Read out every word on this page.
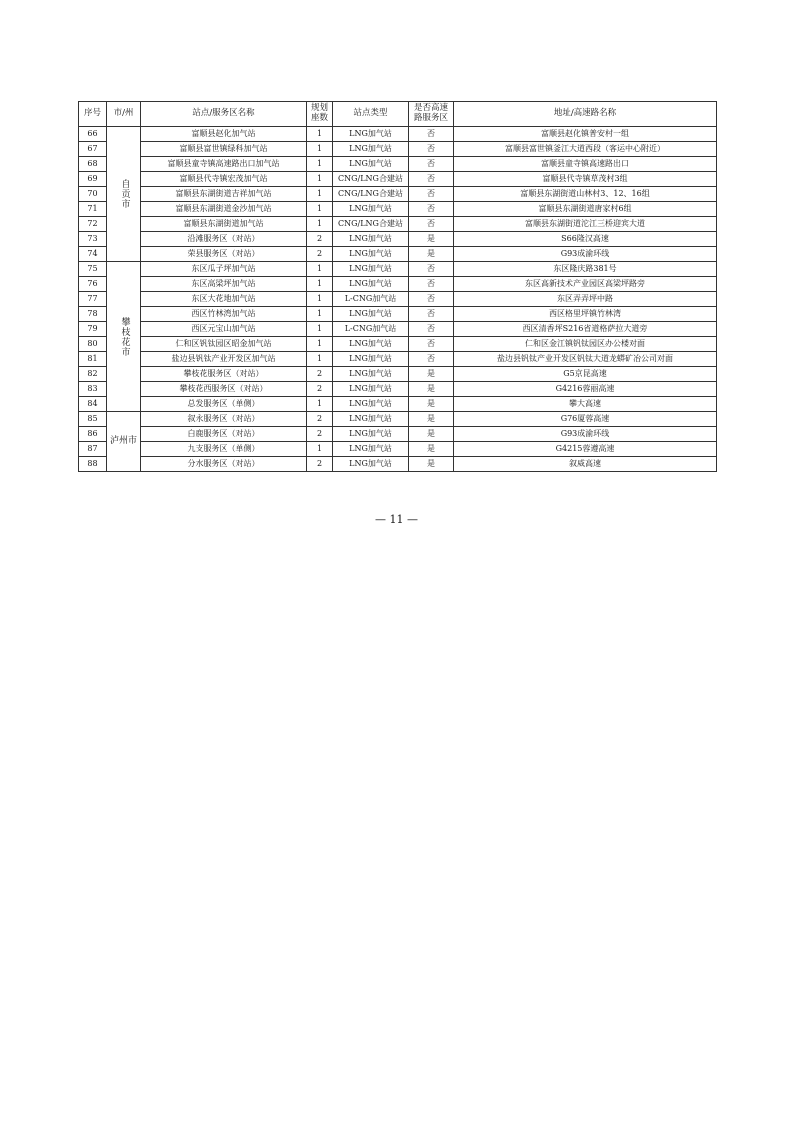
序号	市/州	站点/服务区名称	规划座数	站点类型	是否高速路服务区	地址/高速路名称
66	自贡市	富顺县赵化加气站	1	LNG加气站	否	富顺县赵化镇普安村一组
67		富顺县富世镇绿科加气站	1	LNG加气站	否	富顺县富世镇釜江大道西段（客运中心附近）
68		富顺县童寺镇高速路出口加气站	1	LNG加气站	否	富顺县童寺镇高速路出口
69		富顺县代寺镇宏茂加气站	1	CNG/LNG合建站	否	富顺县代寺镇草茂村3组
70		富顺县东湖街道吉祥加气站	1	CNG/LNG合建站	否	富顺县东湖街道山林村3、12、16组
71		富顺县东湖街道金沙加气站	1	LNG加气站	否	富顺县东湖街道唐家村6组
72		富顺县东湖街道加气站	1	CNG/LNG合建站	否	富顺县东湖街道沱江三桥迎宾大道
73		沿滩服务区（对站）	2	LNG加气站	是	S66隆汉高速
74		荣县服务区（对站）	2	LNG加气站	是	G93成渝环线
75	攀枝花市	东区瓜子坪加气站	1	LNG加气站	否	东区隆庆路381号
76		东区高梁坪加气站	1	LNG加气站	否	东区高新技术产业园区高梁坪路旁
77		东区大花地加气站	1	L-CNG加气站	否	东区弄弄坪中路
78		西区竹林湾加气站	1	LNG加气站	否	西区格里坪镇竹林湾
79		西区元宝山加气站	1	L-CNG加气站	否	西区清香坪S216省道格萨拉大道旁
80		仁和区钒钛园区昭金加气站	1	LNG加气站	否	仁和区金江镇钒钛园区办公楼对面
81		盐边县钒钛产业开发区加气站	1	LNG加气站	否	盐边县钒钛产业开发区钒钛大道龙蟒矿冶公司对面
82		攀枝花服务区（对站）	2	LNG加气站	是	G5京昆高速
83		攀枝花西服务区（对站）	2	LNG加气站	是	G4216蓉丽高速
84		总发服务区（单侧）	1	LNG加气站	是	攀大高速
85	泸州市	叙永服务区（对站）	2	LNG加气站	是	G76厦蓉高速
86		白鹿服务区（对站）	2	LNG加气站	是	G93成渝环线
87		九支服务区（单侧）	1	LNG加气站	是	G4215蓉遵高速
88		分水服务区（对站）	2	LNG加气站	是	叙威高速
— 11 —
